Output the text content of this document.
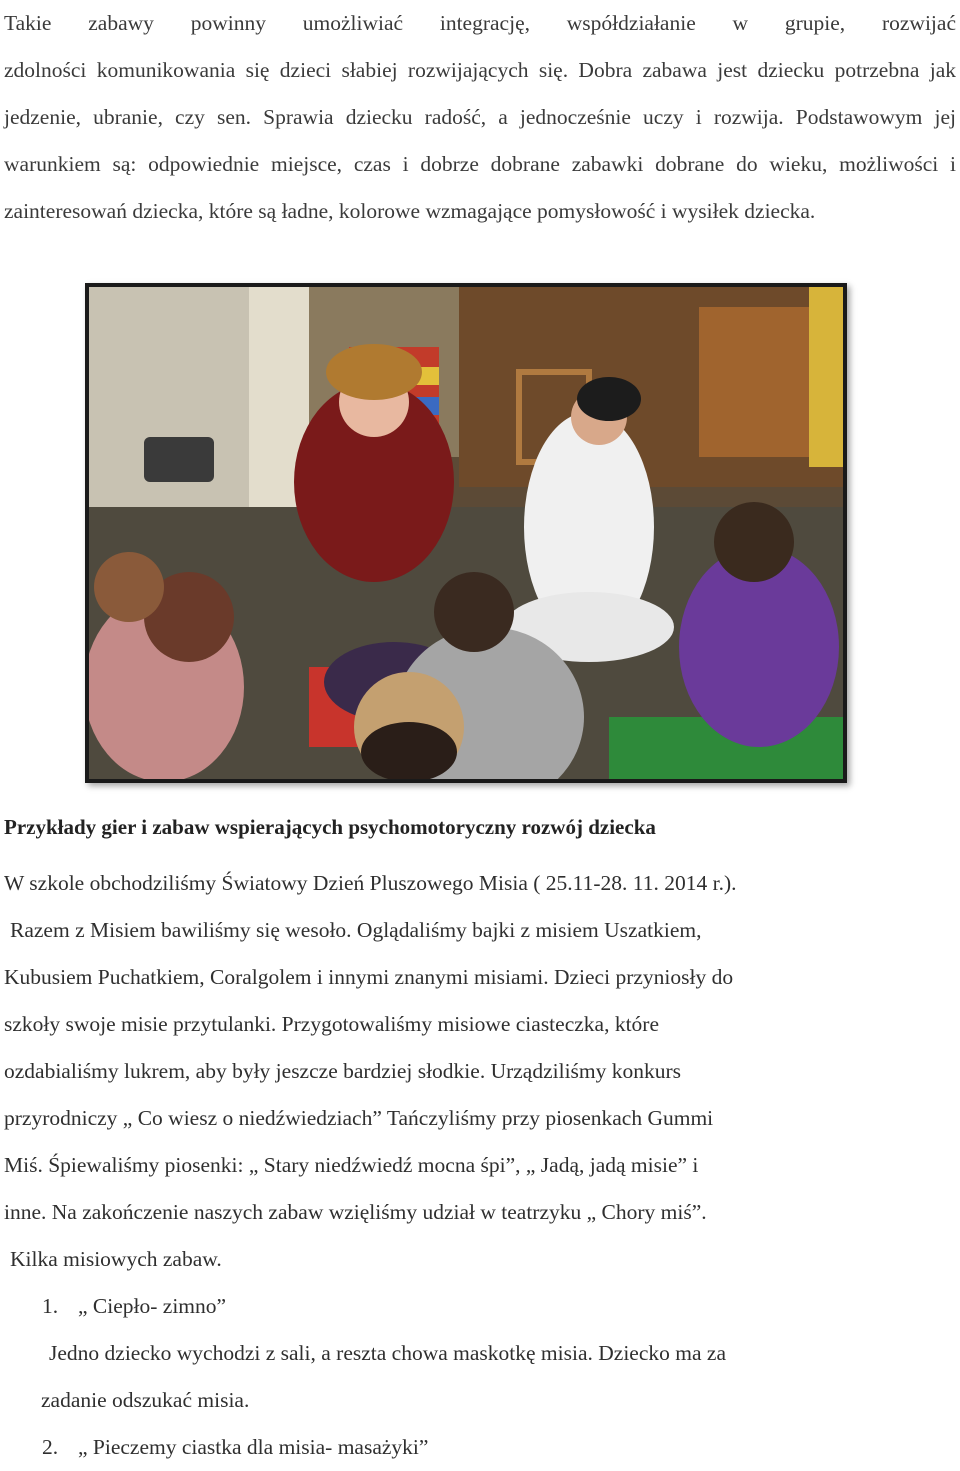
Takie zabawy powinny umożliwiać integrację, współdziałanie w grupie, rozwijać
zdolności komunikowania się dzieci słabiej rozwijających się. Dobra zabawa jest dziecku potrzebna jak jedzenie, ubranie, czy sen. Sprawia dziecku radość, a jednocześnie uczy i rozwija. Podstawowym jej warunkiem są: odpowiednie miejsce, czas i dobrze dobrane zabawki dobrane do wieku, możliwości i zainteresowań dziecka, które są ładne, kolorowe wzmagające pomysłowość i wysiłek dziecka.

Przykłady gier i zabaw wspierających psychomotoryczny rozwój dziecka
W szkole obchodziliśmy Światowy Dzień Pluszowego Misia ( 25.11-28. 11. 2014 r.).
Razem z Misiem bawiliśmy się wesoło. Oglądaliśmy bajki z misiem Uszatkiem,
Kubusiem Puchatkiem, Coralgolem i innymi znanymi misiami. Dzieci przyniosły do
szkoły swoje misie przytulanki. Przygotowaliśmy misiowe ciasteczka, które
ozdabialiśmy lukrem, aby były jeszcze bardziej słodkie. Urządziliśmy konkurs
przyrodniczy „ Co wiesz o niedźwiedziach” Tańczyliśmy przy piosenkach Gummi
Miś. Śpiewaliśmy piosenki: „ Stary niedźwiedź mocna śpi”, „ Jadą, jadą misie” i
inne. Na zakończenie naszych zabaw wzięliśmy udział w teatrzyku „ Chory miś”.
Kilka misiowych zabaw.
1. „ Ciepło- zimno”
Jedno dziecko wychodzi z sali, a reszta chowa maskotkę misia. Dziecko ma za
zadanie odszukać misia.
2. „ Pieczemy ciastka dla misia- masażyki”
